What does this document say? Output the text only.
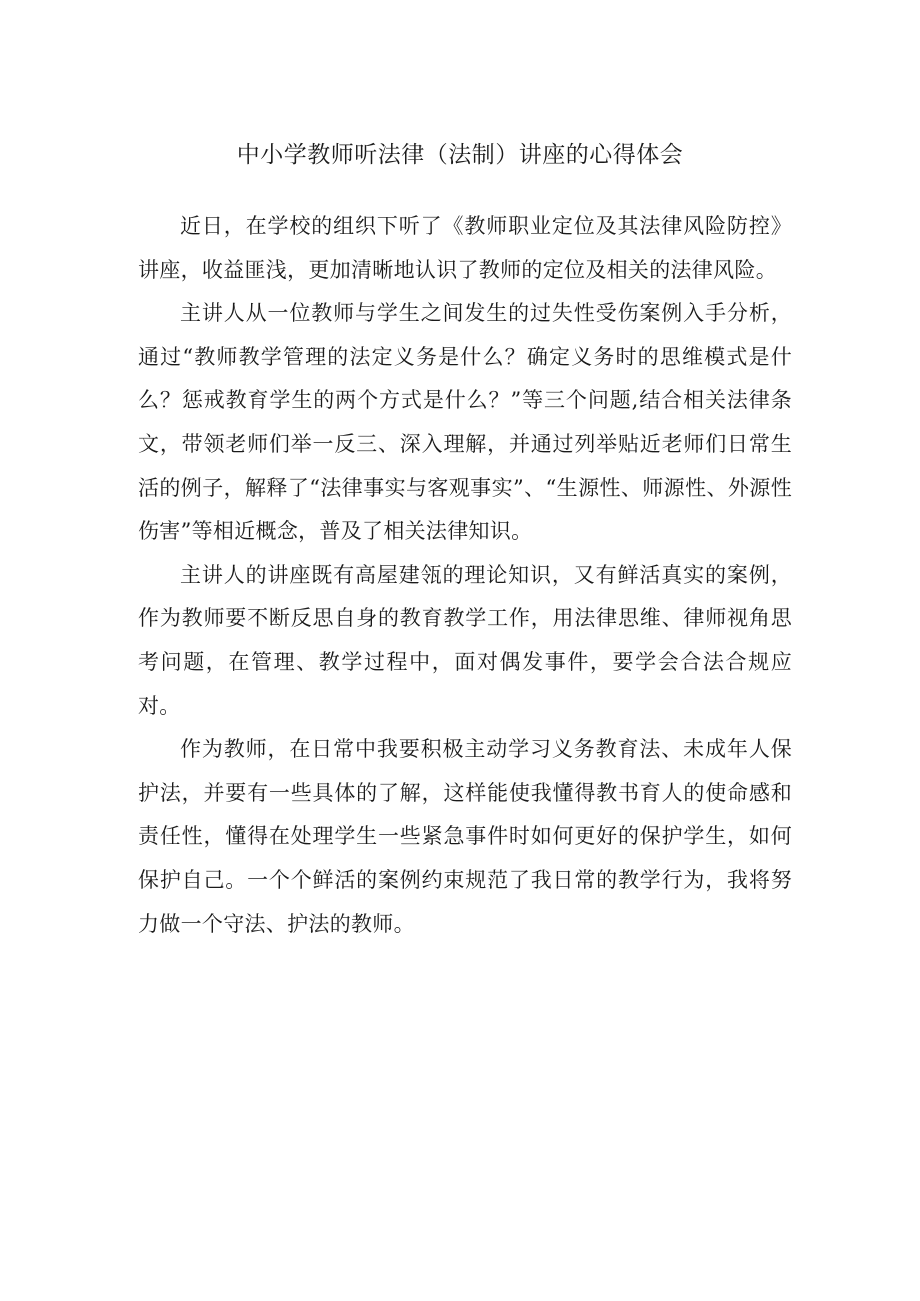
中小学教师听法律（法制）讲座的心得体会

近日，在学校的组织下听了《教师职业定位及其法律风险防控》讲座，收益匪浅，更加清晰地认识了教师的定位及相关的法律风险。

主讲人从一位教师与学生之间发生的过失性受伤案例入手分析，通过“教师教学管理的法定义务是什么？确定义务时的思维模式是什么？惩戒教育学生的两个方式是什么？”等三个问题,结合相关法律条文，带领老师们举一反三、深入理解，并通过列举贴近老师们日常生活的例子，解释了“法律事实与客观事实”、“生源性、师源性、外源性伤害”等相近概念，普及了相关法律知识。

主讲人的讲座既有高屋建瓴的理论知识，又有鲜活真实的案例，作为教师要不断反思自身的教育教学工作，用法律思维、律师视角思考问题，在管理、教学过程中，面对偶发事件，要学会合法合规应对。

作为教师，在日常中我要积极主动学习义务教育法、未成年人保护法，并要有一些具体的了解，这样能使我懂得教书育人的使命感和责任性，懂得在处理学生一些紧急事件时如何更好的保护学生，如何保护自己。一个个鲜活的案例约束规范了我日常的教学行为，我将努力做一个守法、护法的教师。
